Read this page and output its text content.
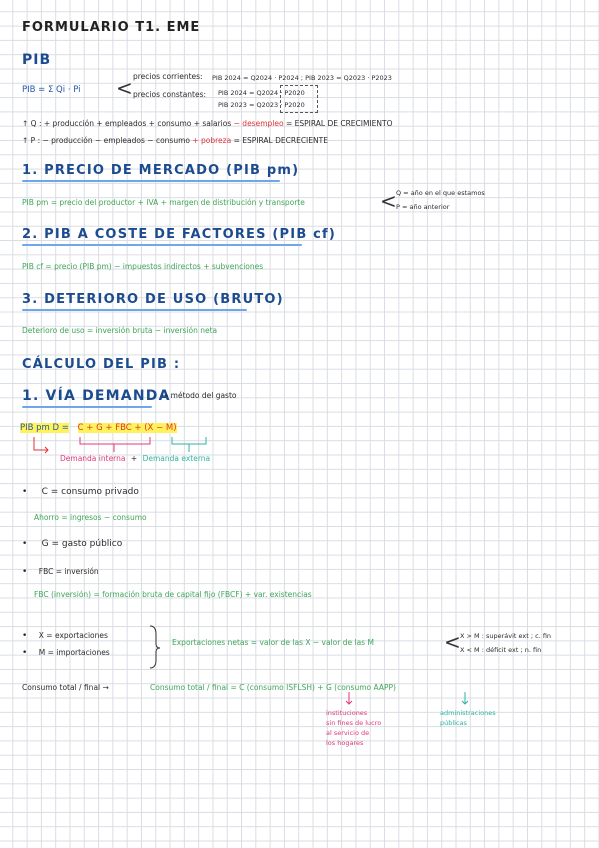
FORMULARIO T1. EME
PIB
PIB = Σ Qi · Pi < precios corrientes: PIB 2024 = Q2024 · P2024 ; PIB 2023 = Q2023 · P2023
precios constantes: PIB 2024 = Q2024 · P2020
PIB 2023 = Q2023 · P2020
↑ Q : + producción + empleados + consumo + salarios − desempleo = ESPIRAL DE CRECIMIENTO
↑ P : − producción − empleados − consumo + pobreza = ESPIRAL DECRECIENTE
1. PRECIO DE MERCADO (PIB pm)
PIB pm = precio del productor + IVA + margen de distribución y transporte	< Q = año en el que estamos
P = año anterior
2. PIB A COSTE DE FACTORES (PIB cf)
PIB cf = precio (PIB pm) − impuestos indirectos + subvenciones
3. DETERIORO DE USO (BRUTO)
Deterioro de uso = inversión bruta − inversión neta
CÁLCULO DEL PIB :
1. VÍA DEMANDA
→ método del gasto
PIB pm D = C + G + FBC + (X − M)
Demanda interna + Demanda externa
•     C = consumo privado
Ahorro = ingresos − consumo
•     G = gasto público
•    FBC = inversión
FBC (inversión) = formación bruta de capital fijo (FBCF) + var. existencias
•    X = exportaciones
•    M = importaciones
Exportaciones netas = valor de las X − valor de las M	< X > M : superávit ext ; c. fin
X < M : déficit ext ; n. fin
Consumo total / final →	Consumo total / final = C (consumo ISFLSH) + G (consumo AAPP)
instituciones
sin fines de lucro
al servicio de
los hogares
administraciones
públicas
